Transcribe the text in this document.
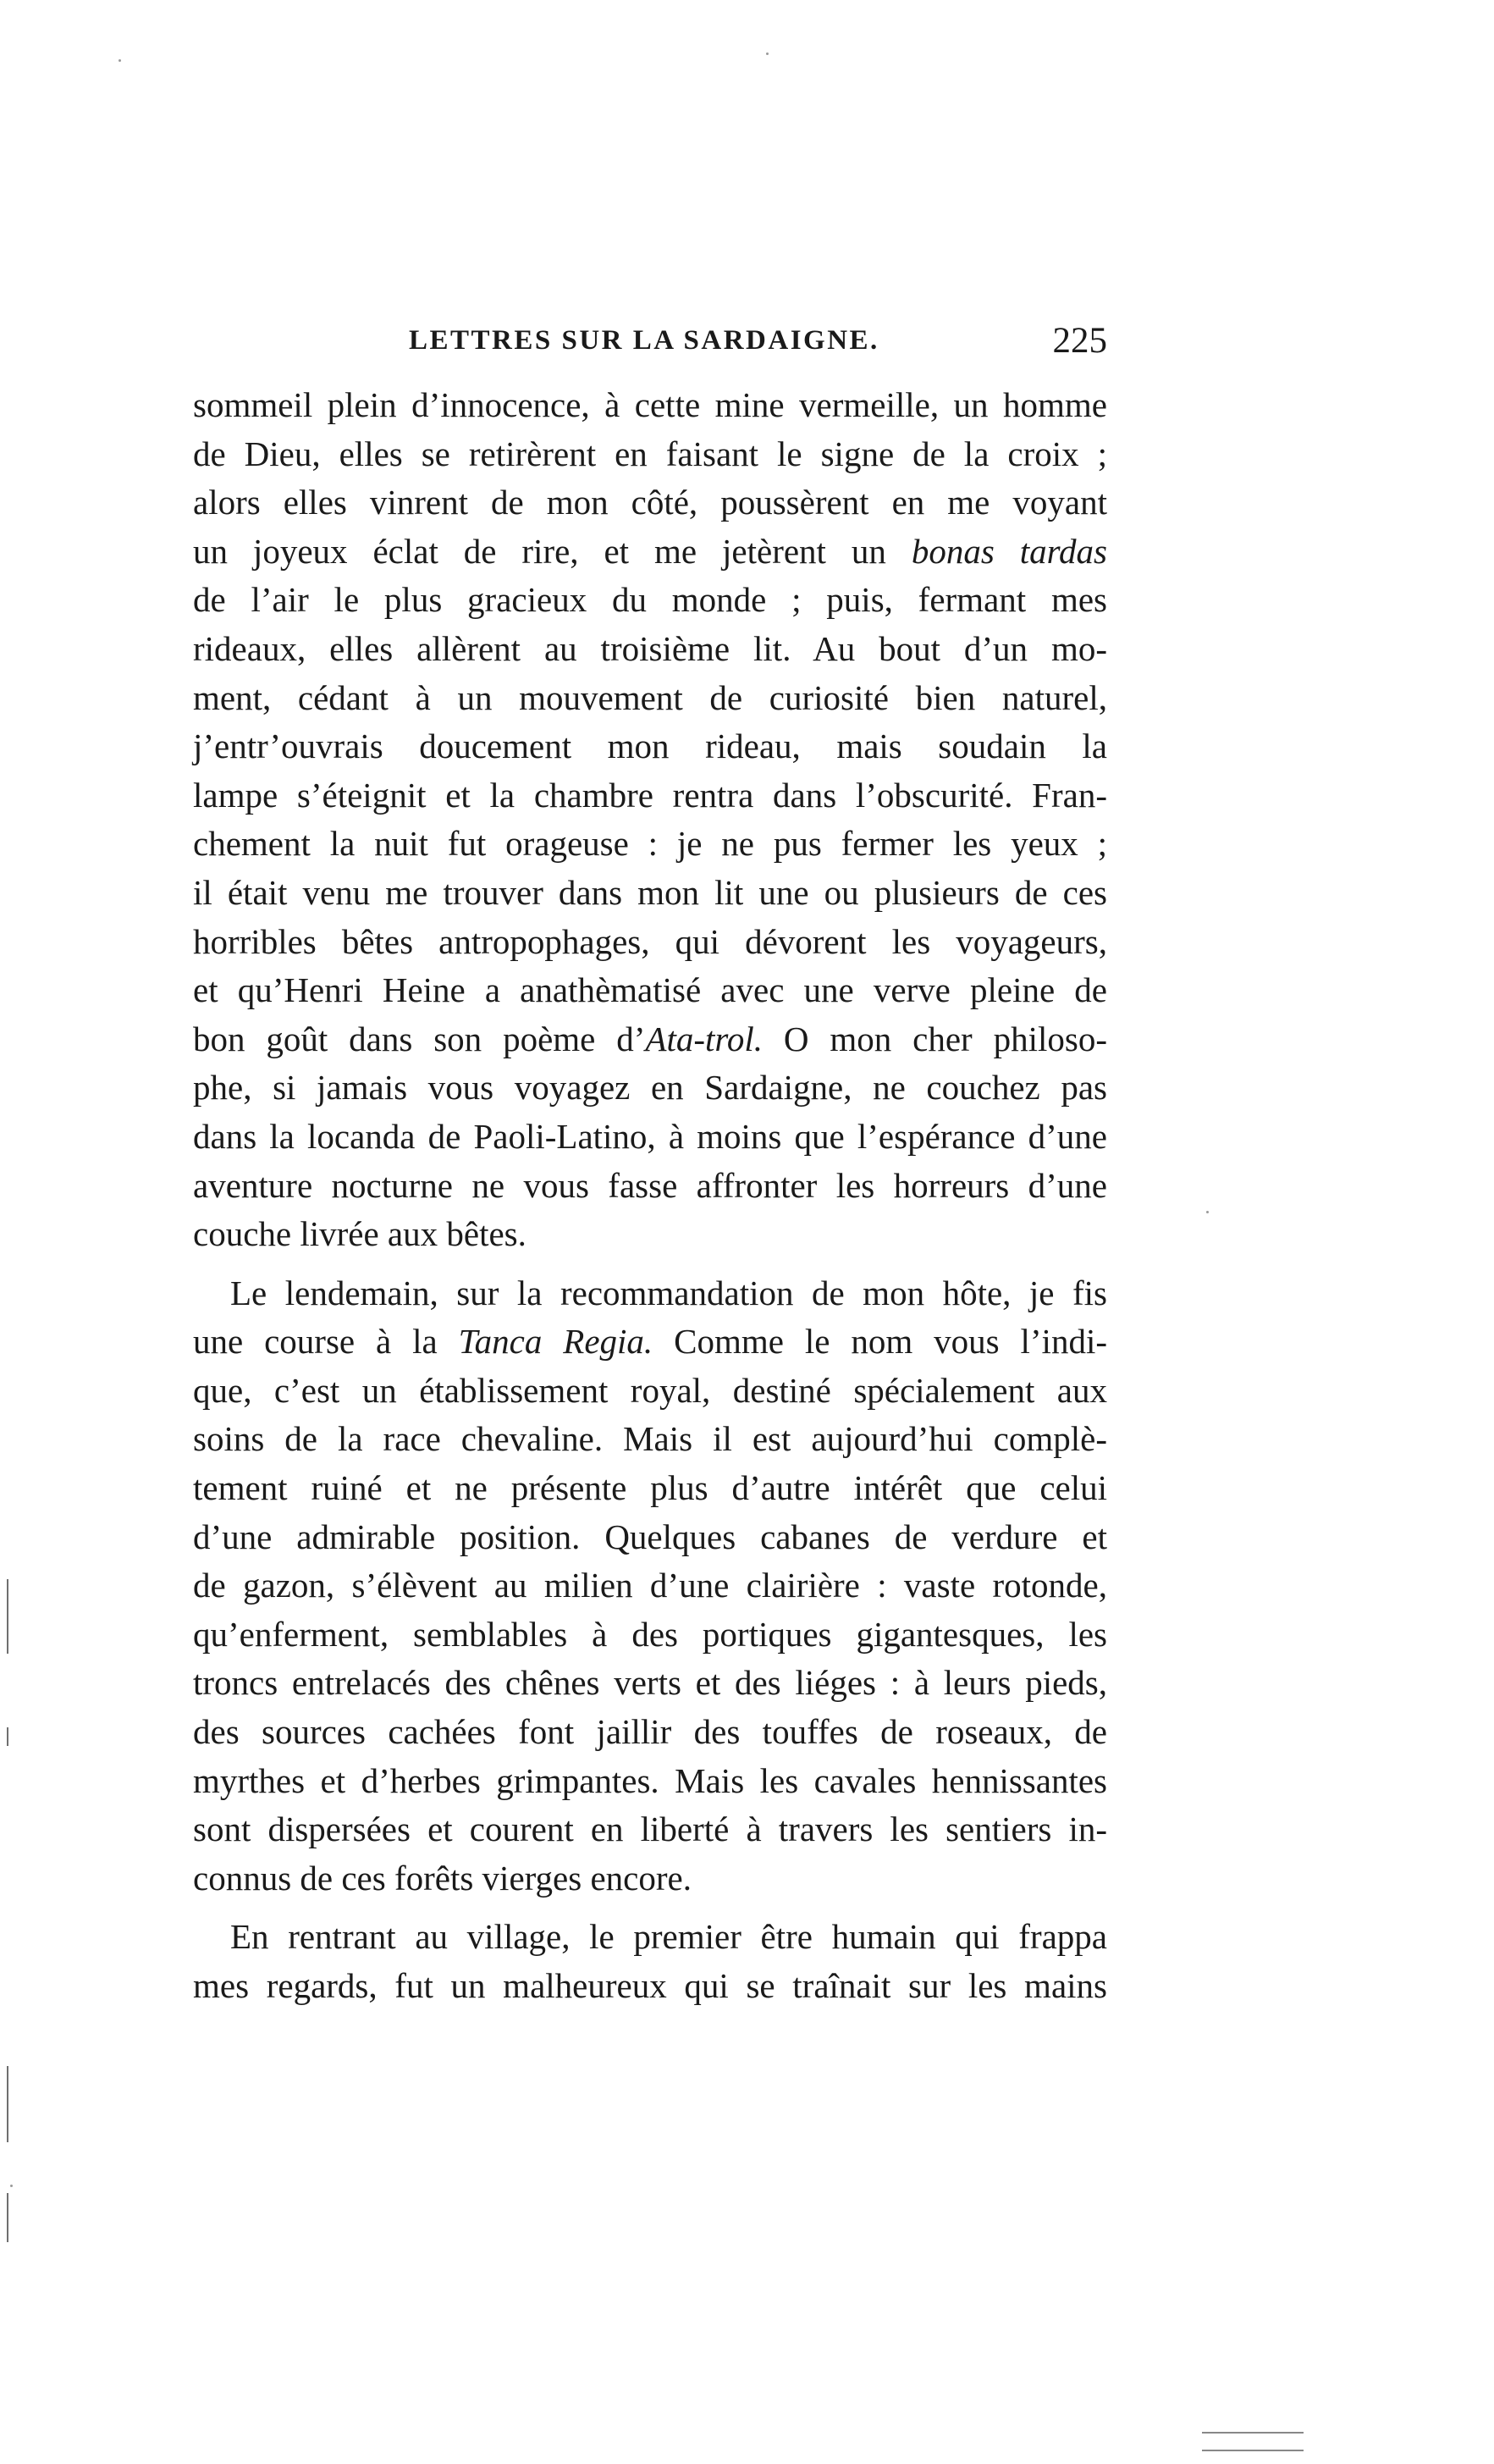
LETTRES SUR LA SARDAIGNE.	225
sommeil plein d’innocence, à cette mine vermeille, un homme
de Dieu, elles se retirèrent en faisant le signe de la croix ;
alors elles vinrent de mon côté, poussèrent en me voyant
un joyeux éclat de rire, et me jetèrent un bonas tardas
de l’air le plus gracieux du monde ; puis, fermant mes
rideaux, elles allèrent au troisième lit. Au bout d’un mo-
ment, cédant à un mouvement de curiosité bien naturel,
j’entr’ouvrais doucement mon rideau, mais soudain la
lampe s’éteignit et la chambre rentra dans l’obscurité. Fran-
chement la nuit fut orageuse : je ne pus fermer les yeux ;
il était venu me trouver dans mon lit une ou plusieurs de ces
horribles bêtes antropophages, qui dévorent les voyageurs,
et qu’Henri Heine a anathèmatisé avec une verve pleine de
bon goût dans son poème d’Ata-trol. O mon cher philoso-
phe, si jamais vous voyagez en Sardaigne, ne couchez pas
dans la locanda de Paoli-Latino, à moins que l’espérance d’une
aventure nocturne ne vous fasse affronter les horreurs d’une
couche livrée aux bêtes.
Le lendemain, sur la recommandation de mon hôte, je fis
une course à la Tanca Regia. Comme le nom vous l’indi-
que, c’est un établissement royal, destiné spécialement aux
soins de la race chevaline. Mais il est aujourd’hui complè-
tement ruiné et ne présente plus d’autre intérêt que celui
d’une admirable position. Quelques cabanes de verdure et
de gazon, s’élèvent au milien d’une clairière : vaste rotonde,
qu’enferment, semblables à des portiques gigantesques, les
troncs entrelacés des chênes verts et des liéges : à leurs pieds,
des sources cachées font jaillir des touffes de roseaux, de
myrthes et d’herbes grimpantes. Mais les cavales hennissantes
sont dispersées et courent en liberté à travers les sentiers in-
connus de ces forêts vierges encore.
En rentrant au village, le premier être humain qui frappa
mes regards, fut un malheureux qui se traînait sur les mains
